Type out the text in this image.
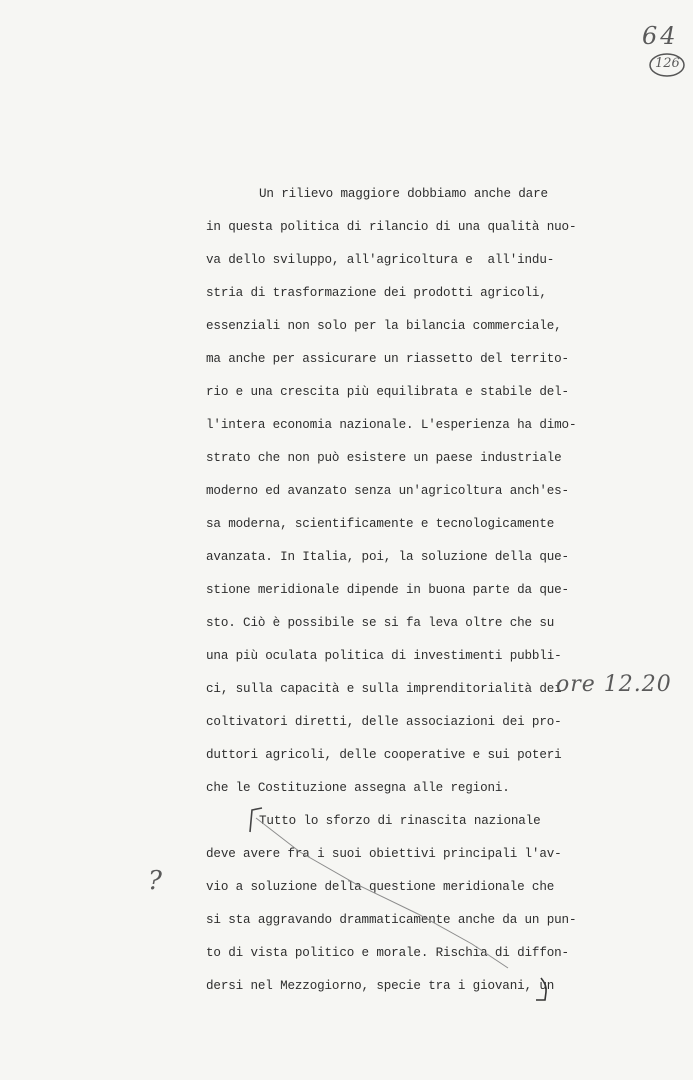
64
126
Un rilievo maggiore dobbiamo anche dare
in questa politica di rilancio di una qualità nuo-
va dello sviluppo, all'agricoltura e  all'indu-
stria di trasformazione dei prodotti agricoli,
essenziali non solo per la bilancia commerciale,
ma anche per assicurare un riassetto del territo-
rio e una crescita più equilibrata e stabile del-
l'intera economia nazionale. L'esperienza ha dimo-
strato che non può esistere un paese industriale
moderno ed avanzato senza un'agricoltura anch'es-
sa moderna, scientificamente e tecnologicamente
avanzata. In Italia, poi, la soluzione della que-
stione meridionale dipende in buona parte da que-
sto. Ciò è possibile se si fa leva oltre che su
una più oculata politica di investimenti pubbli-
ci, sulla capacità e sulla imprenditorialità dei
coltivatori diretti, delle associazioni dei pro-
duttori agricoli, delle cooperative e sui poteri
che le Costituzione assegna alle regioni.
ore 12.20
Tutto lo sforzo di rinascita nazionale
deve avere fra i suoi obiettivi principali l'av-
vio a soluzione della questione meridionale che
si sta aggravando drammaticamente anche da un pun-
to di vista politico e morale. Rischia di diffon-
dersi nel Mezzogiorno, specie tra i giovani, un
?
